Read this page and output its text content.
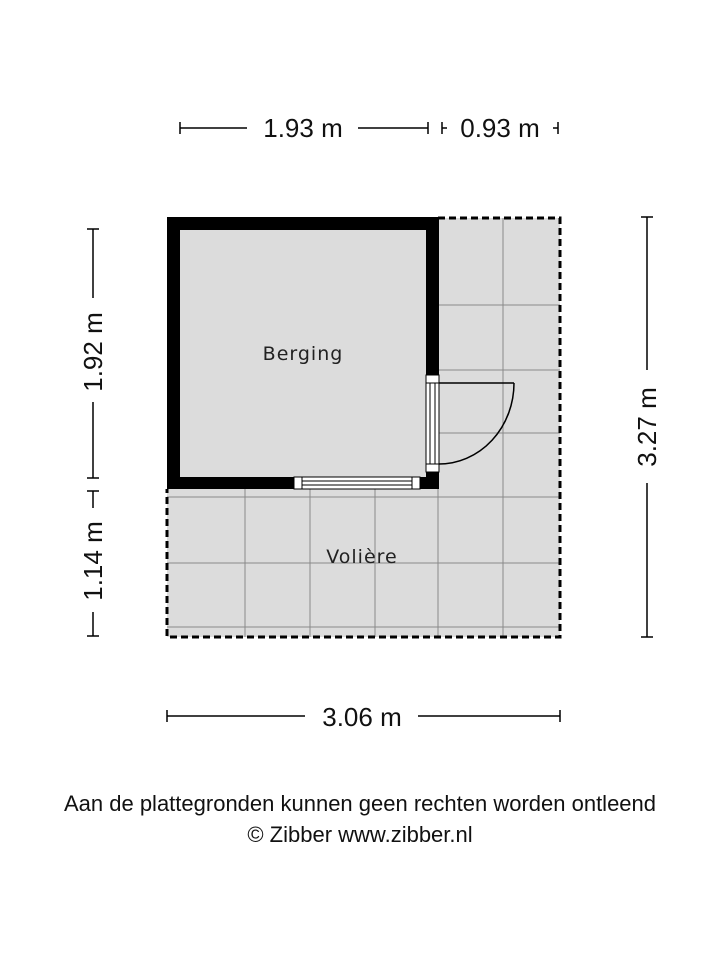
Berging
Volière
1.93 m	0.93 m
1.92 m
1.14 m
3.27 m
3.06 m
Aan de plattegronden kunnen geen rechten worden ontleend
© Zibber www.zibber.nl
